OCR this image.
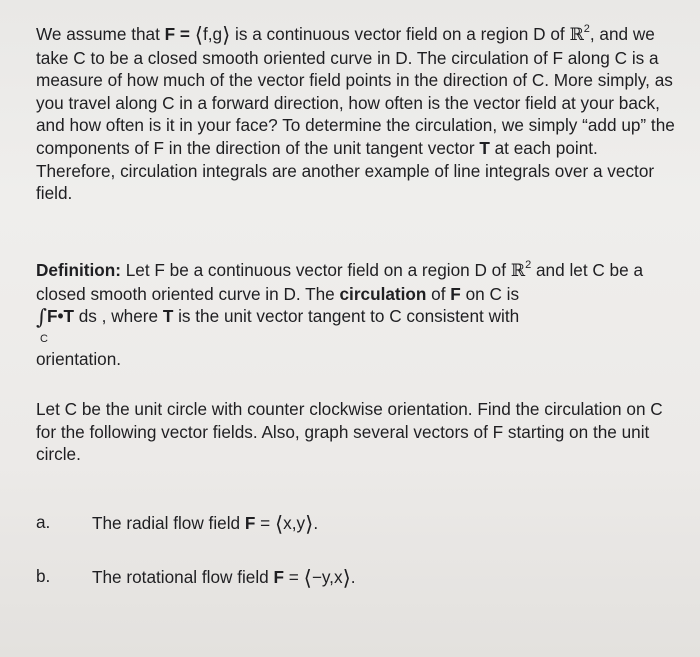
We assume that F = ⟨f,g⟩ is a continuous vector field on a region D of ℝ$^2$, and we take C to be a closed smooth oriented curve in D. The circulation of F along C is a measure of how much of the vector field points in the direction of C. More simply, as you travel along C in a forward direction, how often is the vector field at your back, and how often is it in your face? To determine the circulation, we simply “add up” the components of F in the direction of the unit tangent vector T at each point. Therefore, circulation integrals are another example of line integrals over a vector field.

Definition: Let F be a continuous vector field on a region D of ℝ$^2$ and let C be a closed smooth oriented curve in D. The circulation of F on C is
∫F•T ds , where T is the unit vector tangent to C consistent with

C
orientation.

Let C be the unit circle with counter clockwise orientation. Find the circulation on C for the following vector fields. Also, graph several vectors of F starting on the unit circle.

a. The radial flow field F = ⟨x,y⟩.
b. The rotational flow field F = ⟨−y,x⟩.
